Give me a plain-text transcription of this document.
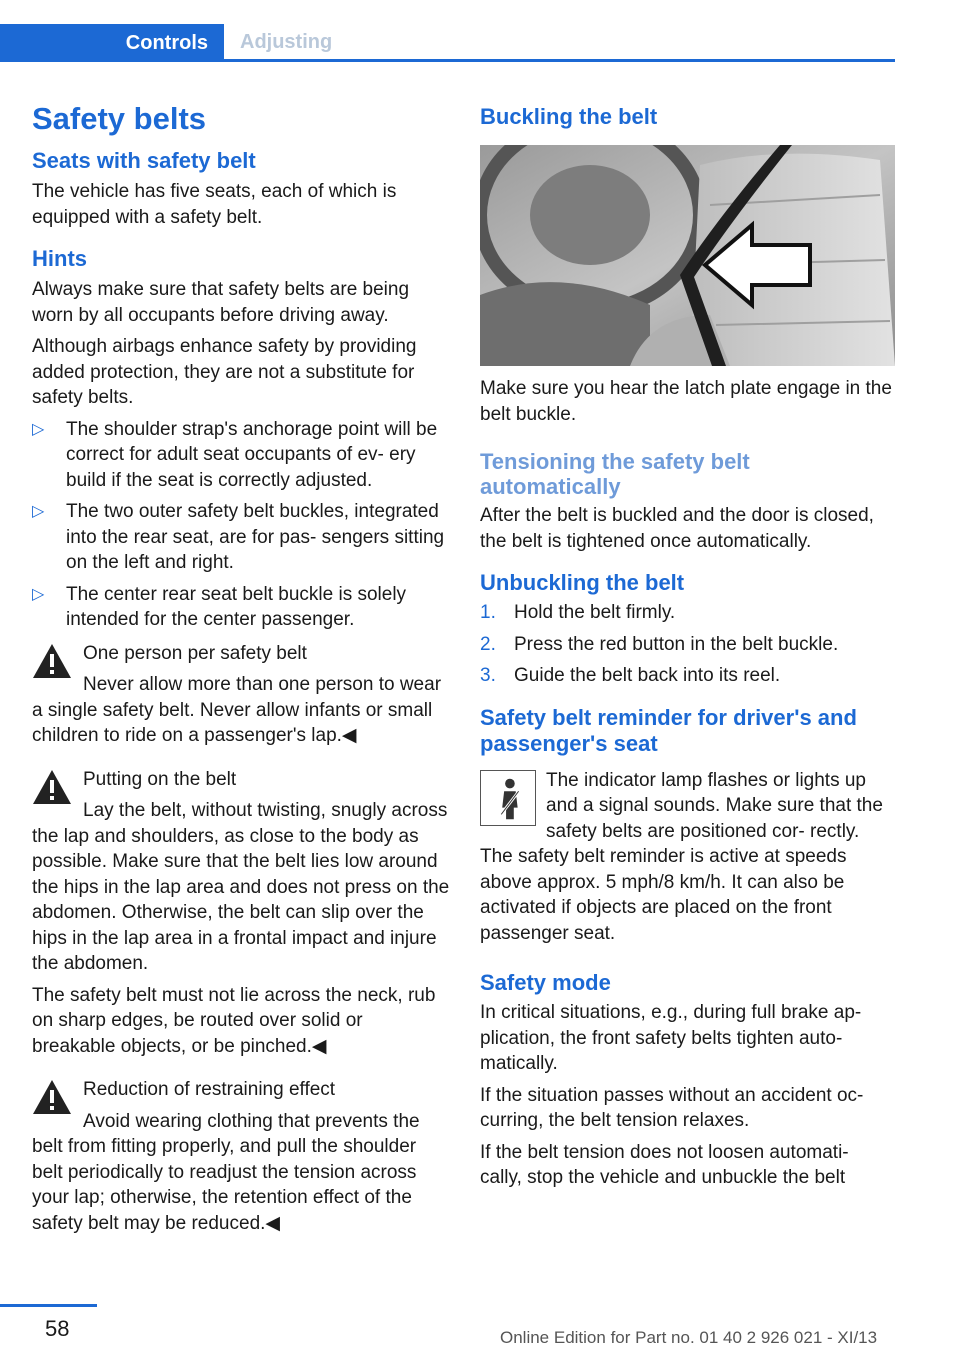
Controls	Adjusting
Safety belts
Seats with safety belt

The vehicle has five seats, each of which is equipped with a safety belt.

Hints

Always make sure that safety belts are being worn by all occupants before driving away.

Although airbags enhance safety by providing added protection, they are not a substitute for safety belts.

▷ The shoulder strap's anchorage point will be correct for adult seat occupants of ev‐ ery build if the seat is correctly adjusted.
▷ The two outer safety belt buckles, integrated into the rear seat, are for pas‐ sengers sitting on the left and right.
▷ The center rear seat belt buckle is solely intended for the center passenger.
One person per safety belt
Never allow more than one person to wear a single safety belt. Never allow infants or small children to ride on a passenger's lap.◀
Putting on the belt
Lay the belt, without twisting, snugly across the lap and shoulders, as close to the body as possible. Make sure that the belt lies low around the hips in the lap area and does not press on the abdomen. Otherwise, the belt can slip over the hips in the lap area in a frontal impact and injure the abdomen.

The safety belt must not lie across the neck, rub on sharp edges, be routed over solid or breakable objects, or be pinched.◀

Reduction of restraining effect
Avoid wearing clothing that prevents the belt from fitting properly, and pull the shoulder belt periodically to readjust the tension across your lap; otherwise, the retention effect of the safety belt may be reduced.◀
Buckling the belt

Make sure you hear the latch plate engage in the belt buckle.

Tensioning the safety belt automatically

After the belt is buckled and the door is closed, the belt is tightened once automatically.

Unbuckling the belt
1. Hold the belt firmly.
2. Press the red button in the belt buckle.
3. Guide the belt back into its reel.
Safety belt reminder for driver's and passenger's seat

The indicator lamp flashes or lights up and a signal sounds. Make sure that the safety belts are positioned cor‐ rectly. The safety belt reminder is active at speeds above approx. 5 mph/8 km/h. It can also be activated if objects are placed on the front passenger seat.

Safety mode

In critical situations, e.g., during full brake ap‐ plication, the front safety belts tighten auto‐ matically.

If the situation passes without an accident oc‐ curring, the belt tension relaxes.

If the belt tension does not loosen automati‐ cally, stop the vehicle and unbuckle the belt

58	Online Edition for Part no. 01 40 2 926 021 - XI/13
